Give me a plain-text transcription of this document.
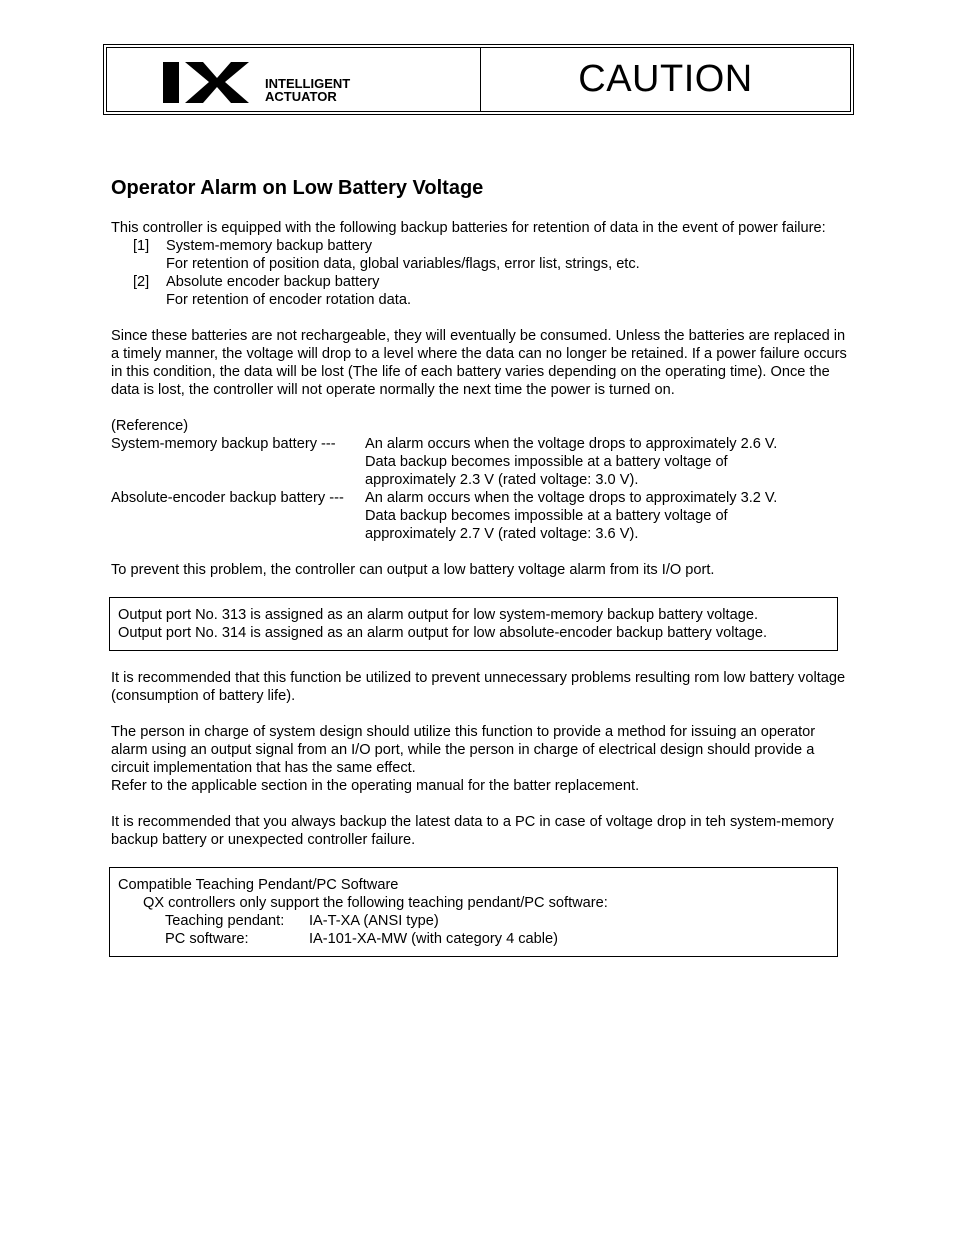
INTELLIGENT
ACTUATOR	CAUTION
Operator Alarm on Low Battery Voltage

This controller is equipped with the following backup batteries for retention of data in the event of power failure:

[1]	System-memory backup battery
For retention of position data, global variables/flags, error list, strings, etc.
[2]	Absolute encoder backup battery
For retention of encoder rotation data.

Since these batteries are not rechargeable, they will eventually be consumed. Unless the batteries are replaced in a timely manner, the voltage will drop to a level where the data can no longer be retained. If a power failure occurs in this condition, the data will be lost (The life of each battery varies depending on the operating time). Once the data is lost, the controller will not operate normally the next time the power is turned on.

(Reference)

System-memory backup battery ---	An alarm occurs when the voltage drops to approximately 2.6 V.
Data backup becomes impossible at a battery voltage of
approximately 2.3 V (rated voltage: 3.0 V).
Absolute-encoder backup battery ---	An alarm occurs when the voltage drops to approximately 3.2 V.
Data backup becomes impossible at a battery voltage of
approximately 2.7 V (rated voltage: 3.6 V).

To prevent this problem, the controller can output a low battery voltage alarm from its I/O port.

Output port No. 313 is assigned as an alarm output for low system-memory backup battery voltage.
Output port No. 314 is assigned as an alarm output for low absolute-encoder backup battery voltage.

It is recommended that this function be utilized to prevent unnecessary problems resulting rom low battery voltage (consumption of battery life).

The person in charge of system design should utilize this function to provide a method for issuing an operator alarm using an output signal from an I/O port, while the person in charge of electrical design should provide a circuit implementation that has the same effect.

Refer to the applicable section in the operating manual for the batter replacement.

It is recommended that you always backup the latest data to a PC in case of voltage drop in teh system-memory backup battery or unexpected controller failure.

Compatible Teaching Pendant/PC Software
QX controllers only support the following teaching pendant/PC software:
Teaching pendant:	IA-T-XA (ANSI type)
PC software:	IA-101-XA-MW (with category 4 cable)
